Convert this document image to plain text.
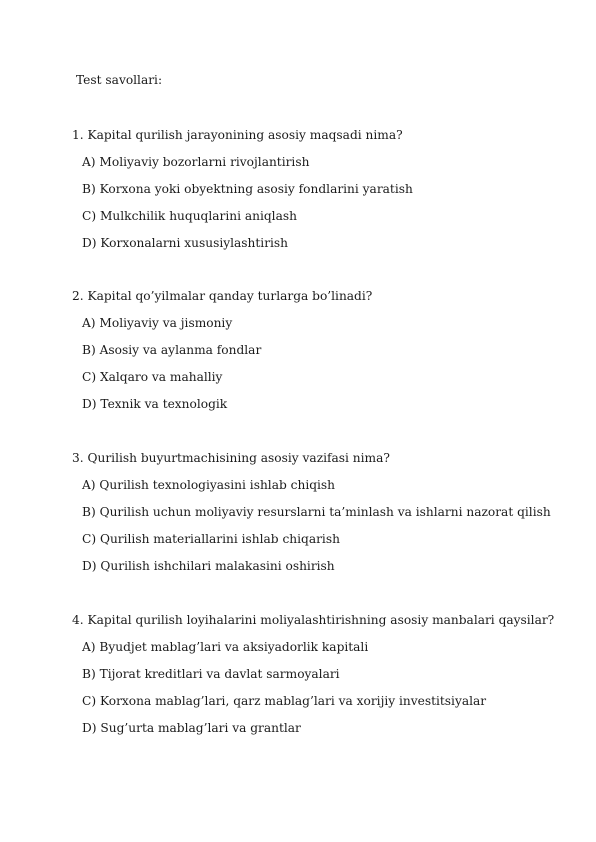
Test savollari:
1. Kapital qurilish jarayonining asosiy maqsadi nima?
A) Moliyaviy bozorlarni rivojlantirish
B) Korxona yoki obyektning asosiy fondlarini yaratish
C) Mulkchilik huquqlarini aniqlash
D) Korxonalarni xususiylashtirish
2. Kapital qo’yilmalar qanday turlarga bo’linadi?
A) Moliyaviy va jismoniy
B) Asosiy va aylanma fondlar
C) Xalqaro va mahalliy
D) Texnik va texnologik
3. Qurilish buyurtmachisining asosiy vazifasi nima?
A) Qurilish texnologiyasini ishlab chiqish
B) Qurilish uchun moliyaviy resurslarni ta’minlash va ishlarni nazorat qilish
C) Qurilish materiallarini ishlab chiqarish
D) Qurilish ishchilari malakasini oshirish
4. Kapital qurilish loyihalarini moliyalashtirishning asosiy manbalari qaysilar?
A) Byudjet mablag’lari va aksiyadorlik kapitali
B) Tijorat kreditlari va davlat sarmoyalari
C) Korxona mablag’lari, qarz mablag’lari va xorijiy investitsiyalar
D) Sug’urta mablag’lari va grantlar
